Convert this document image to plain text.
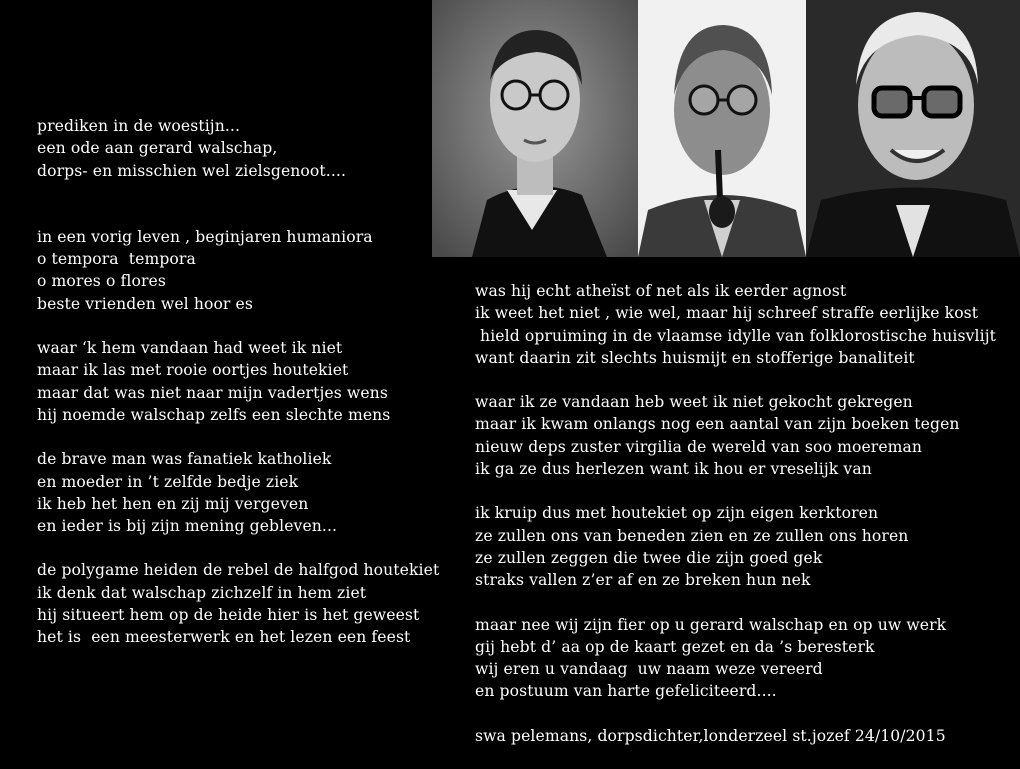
prediken in de woestijn...
een ode aan gerard walschap,
dorps- en misschien wel zielsgenoot....
in een vorig leven , beginjaren humaniora
o tempora  tempora
o mores o flores
beste vrienden wel hoor es
waar ‘k hem vandaan had weet ik niet
maar ik las met rooie oortjes houtekiet
maar dat was niet naar mijn vadertjes wens
hij noemde walschap zelfs een slechte mens
de brave man was fanatiek katholiek
en moeder in ’t zelfde bedje ziek
ik heb het hen en zij mij vergeven
en ieder is bij zijn mening gebleven...
de polygame heiden de rebel de halfgod houtekiet
ik denk dat walschap zichzelf in hem ziet
hij situeert hem op de heide hier is het geweest
het is  een meesterwerk en het lezen een feest
was hij echt atheïst of net als ik eerder agnost
ik weet het niet , wie wel, maar hij schreef straffe eerlijke kost
hield opruiming in de vlaamse idylle van folklorostische huisvlijt
want daarin zit slechts huismijt en stofferige banaliteit
waar ik ze vandaan heb weet ik niet gekocht gekregen
maar ik kwam onlangs nog een aantal van zijn boeken tegen
nieuw deps zuster virgilia de wereld van soo moereman
ik ga ze dus herlezen want ik hou er vreselijk van
ik kruip dus met houtekiet op zijn eigen kerktoren
ze zullen ons van beneden zien en ze zullen ons horen
ze zullen zeggen die twee die zijn goed gek
straks vallen z’er af en ze breken hun nek
maar nee wij zijn fier op u gerard walschap en op uw werk
gij hebt d’ aa op de kaart gezet en da ’s beresterk
wij eren u vandaag  uw naam weze vereerd
en postuum van harte gefeliciteerd....
swa pelemans, dorpsdichter,londerzeel st.jozef 24/10/2015
